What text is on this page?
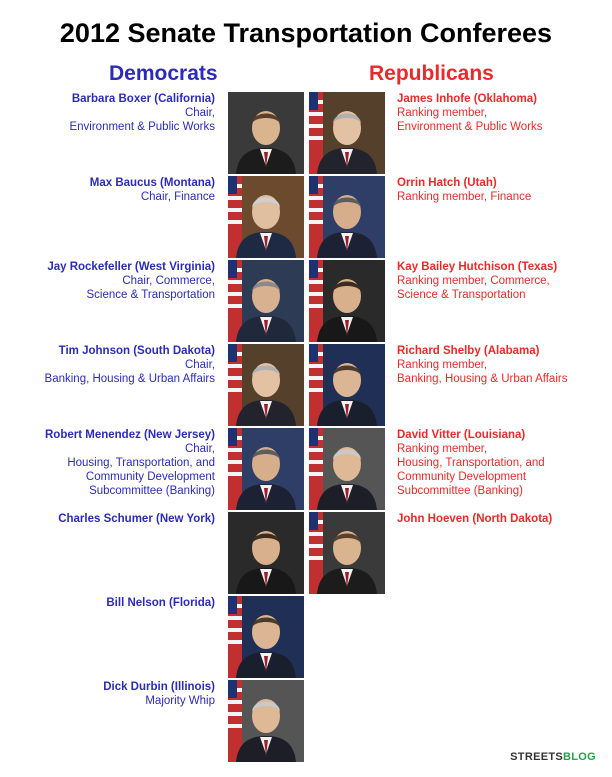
2012 Senate Transportation Conferees
Democrats	Republicans
Barbara Boxer (California)
Chair,
Environment & Public Works
James Inhofe (Oklahoma)
Ranking member,
Environment & Public Works
Max Baucus (Montana)
Chair, Finance
Orrin Hatch (Utah)
Ranking member, Finance
Jay Rockefeller (West Virginia)
Chair, Commerce,
Science & Transportation
Kay Bailey Hutchison (Texas)
Ranking member, Commerce,
Science & Transportation
Tim Johnson (South Dakota)
Chair,
Banking, Housing & Urban Affairs
Richard Shelby (Alabama)
Ranking member,
Banking, Housing & Urban Affairs
Robert Menendez (New Jersey)
Chair,
Housing, Transportation, and
Community Development
Subcommittee (Banking)
David Vitter (Louisiana)
Ranking member,
Housing, Transportation, and
Community Development
Subcommittee (Banking)
Charles Schumer (New York)	John Hoeven (North Dakota)
Bill Nelson (Florida)
Dick Durbin (Illinois)
Majority Whip
STREETSBLOG
